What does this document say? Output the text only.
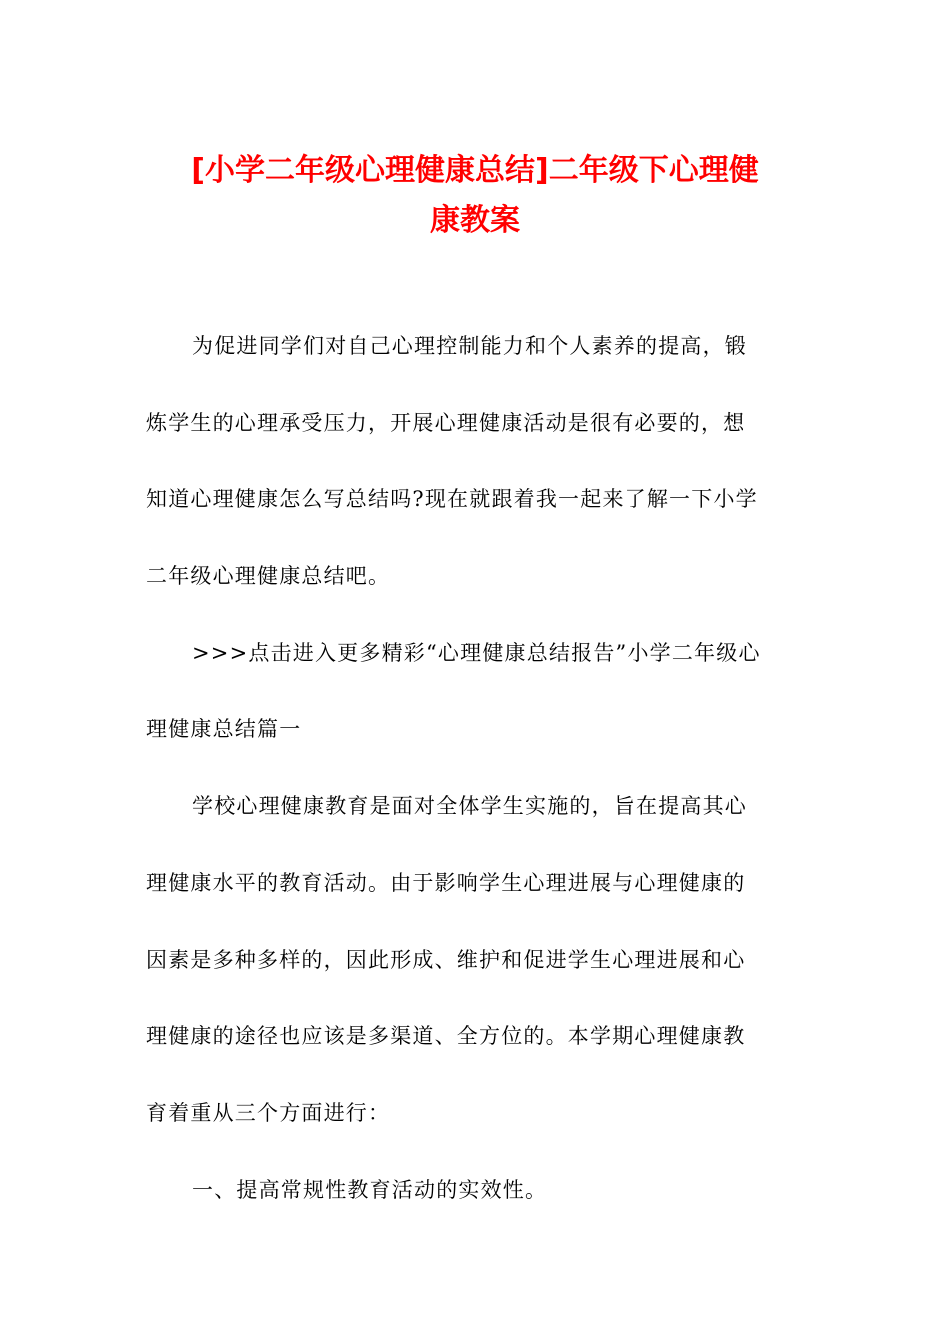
[小学二年级心理健康总结]二年级下心理健
康教案
为促进同学们对自己心理控制能力和个人素养的提高，锻
炼学生的心理承受压力，开展心理健康活动是很有必要的，想
知道心理健康怎么写总结吗?现在就跟着我一起来了解一下小学
二年级心理健康总结吧。
>>>点击进入更多精彩“心理健康总结报告”小学二年级心
理健康总结篇一
学校心理健康教育是面对全体学生实施的，旨在提高其心
理健康水平的教育活动。由于影响学生心理进展与心理健康的
因素是多种多样的，因此形成、维护和促进学生心理进展和心
理健康的途径也应该是多渠道、全方位的。本学期心理健康教
育着重从三个方面进行：
一、提高常规性教育活动的实效性。
